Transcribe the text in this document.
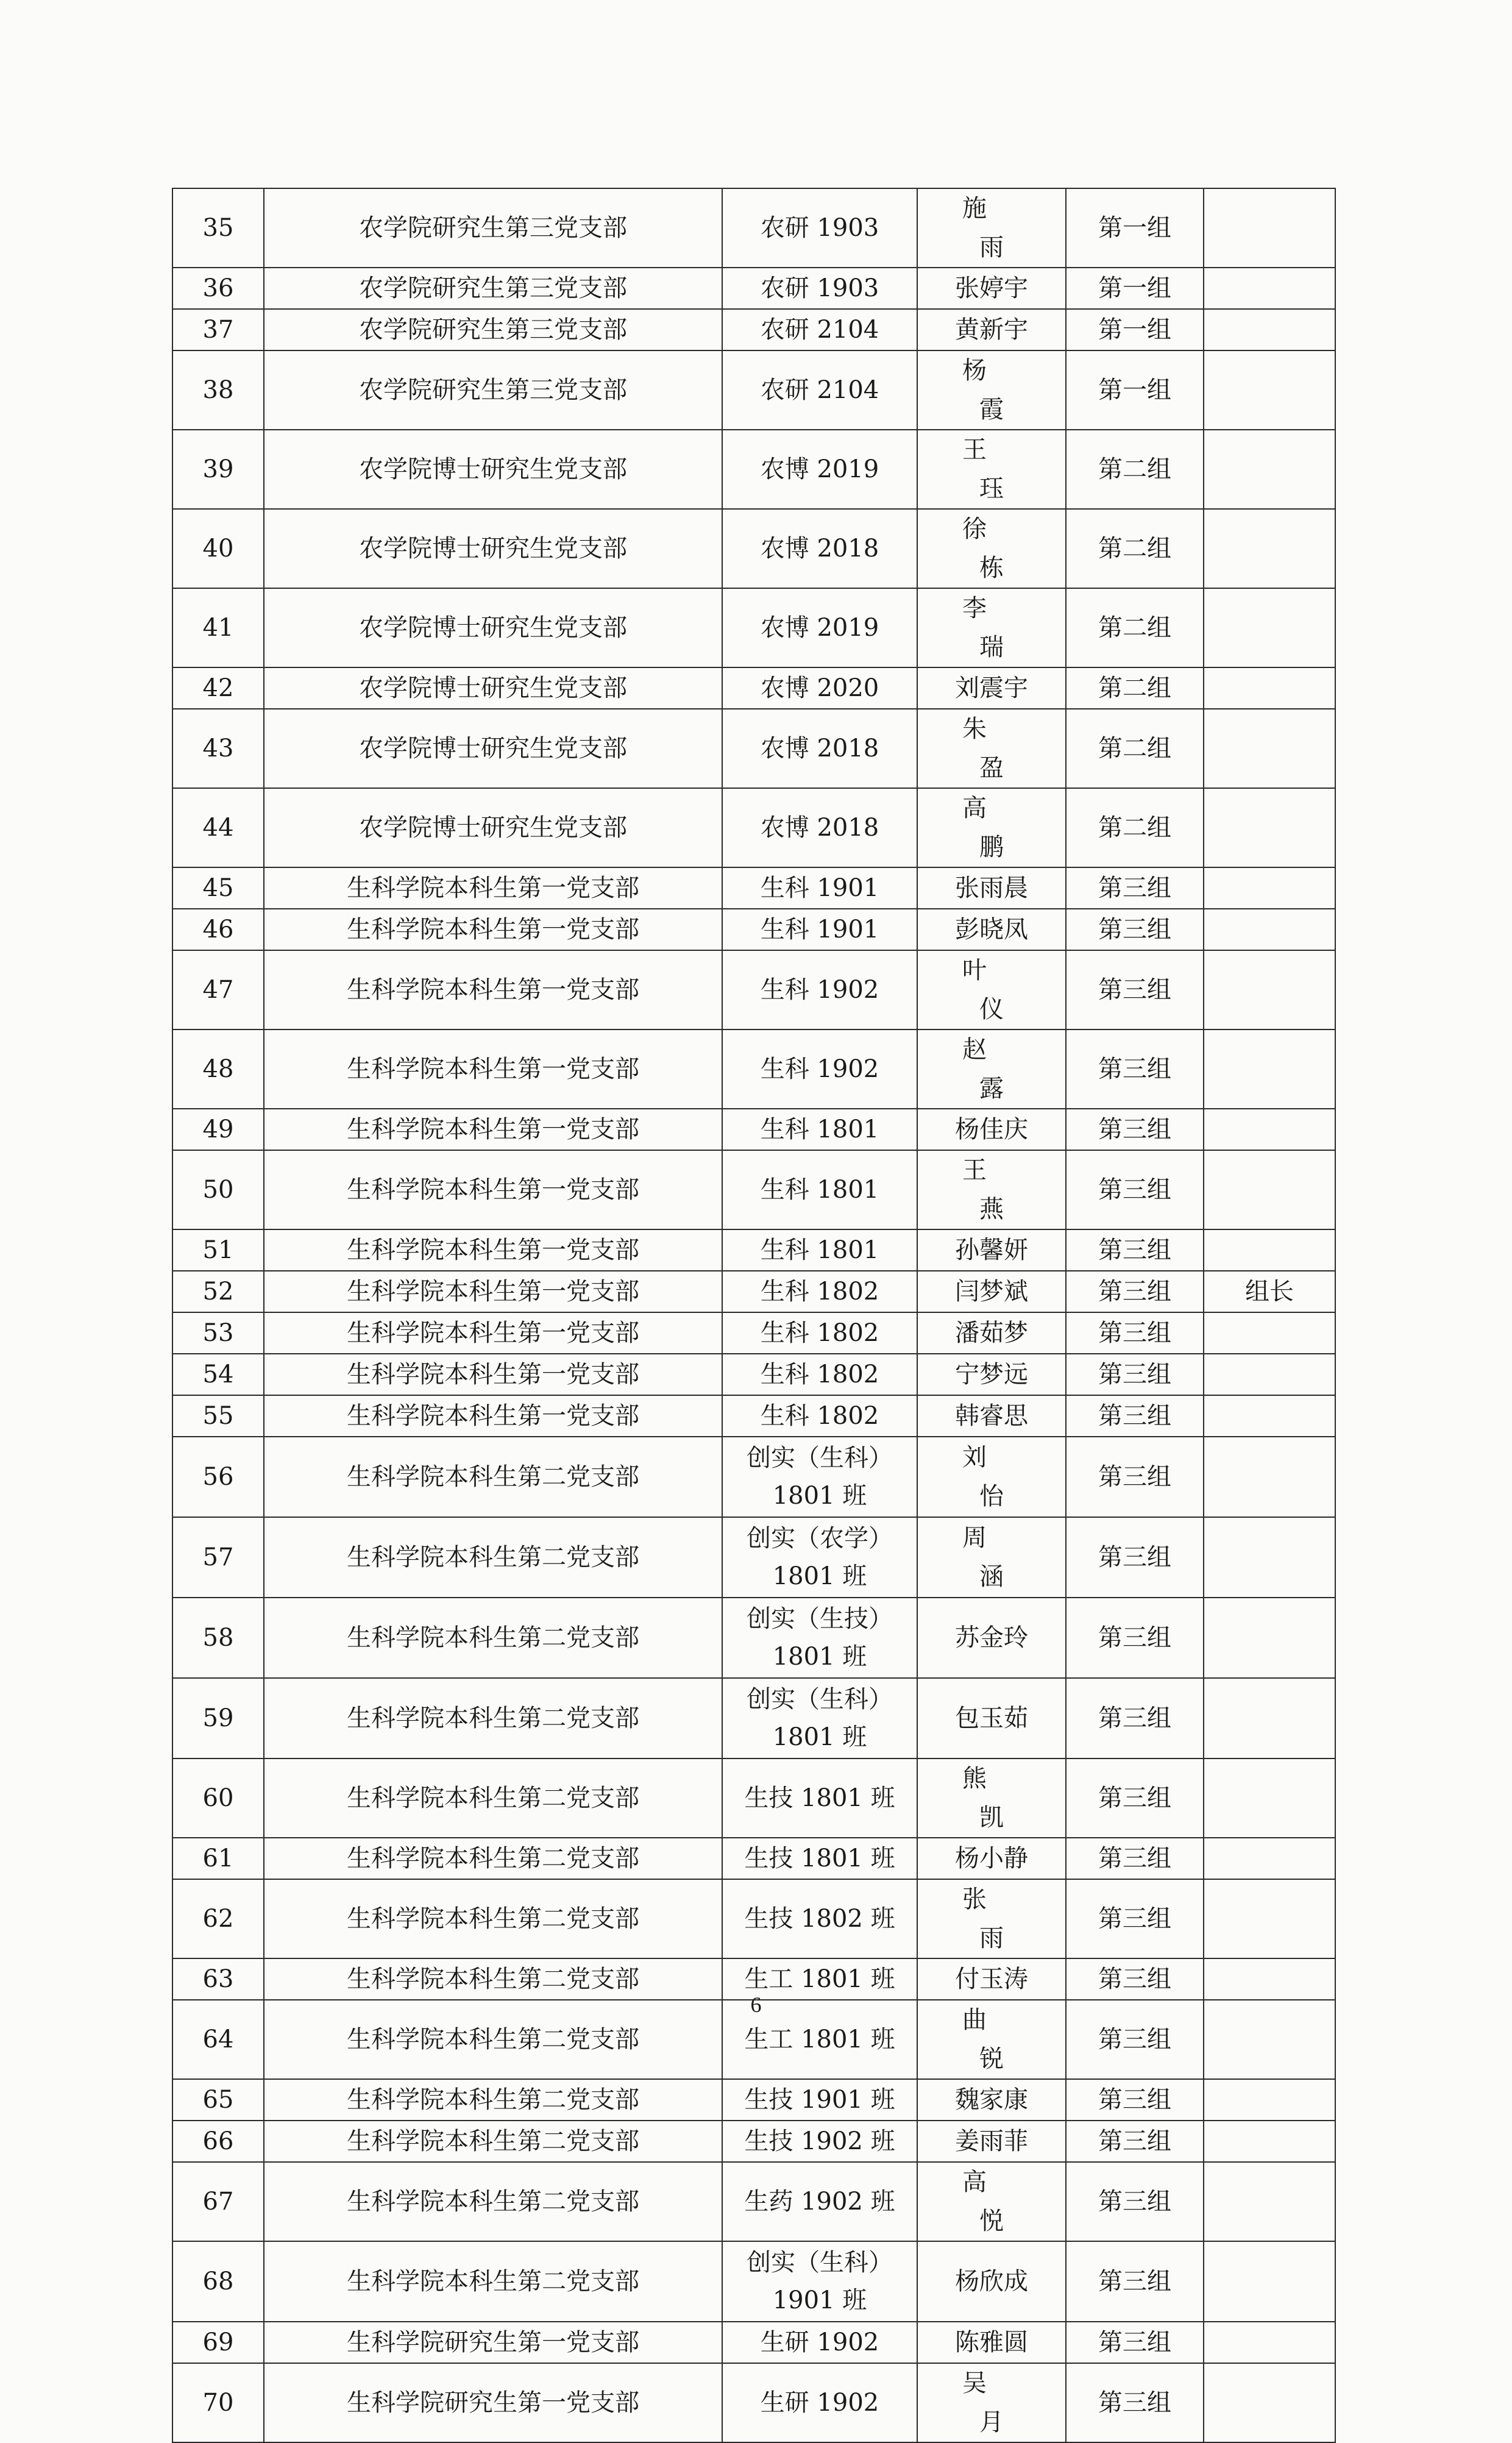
35	农学院研究生第三党支部	农研 1903	施 雨	第一组	
36	农学院研究生第三党支部	农研 1903	张婷宇	第一组	
37	农学院研究生第三党支部	农研 2104	黄新宇	第一组	
38	农学院研究生第三党支部	农研 2104	杨 霞	第一组	
39	农学院博士研究生党支部	农博 2019	王 珏	第二组	
40	农学院博士研究生党支部	农博 2018	徐 栋	第二组	
41	农学院博士研究生党支部	农博 2019	李 瑞	第二组	
42	农学院博士研究生党支部	农博 2020	刘震宇	第二组	
43	农学院博士研究生党支部	农博 2018	朱 盈	第二组	
44	农学院博士研究生党支部	农博 2018	高 鹏	第二组	
45	生科学院本科生第一党支部	生科 1901	张雨晨	第三组	
46	生科学院本科生第一党支部	生科 1901	彭晓凤	第三组	
47	生科学院本科生第一党支部	生科 1902	叶 仪	第三组	
48	生科学院本科生第一党支部	生科 1902	赵 露	第三组	
49	生科学院本科生第一党支部	生科 1801	杨佳庆	第三组	
50	生科学院本科生第一党支部	生科 1801	王 燕	第三组	
51	生科学院本科生第一党支部	生科 1801	孙馨妍	第三组	
52	生科学院本科生第一党支部	生科 1802	闫梦斌	第三组	组长
53	生科学院本科生第一党支部	生科 1802	潘茹梦	第三组	
54	生科学院本科生第一党支部	生科 1802	宁梦远	第三组	
55	生科学院本科生第一党支部	生科 1802	韩睿思	第三组	
56	生科学院本科生第二党支部	创实（生科）
1801 班	刘 怡	第三组	
57	生科学院本科生第二党支部	创实（农学）
1801 班	周 涵	第三组	
58	生科学院本科生第二党支部	创实（生技）
1801 班	苏金玲	第三组	
59	生科学院本科生第二党支部	创实（生科）
1801 班	包玉茹	第三组	
60	生科学院本科生第二党支部	生技 1801 班	熊 凯	第三组	
61	生科学院本科生第二党支部	生技 1801 班	杨小静	第三组	
62	生科学院本科生第二党支部	生技 1802 班	张 雨	第三组	
63	生科学院本科生第二党支部	生工 1801 班	付玉涛	第三组	
64	生科学院本科生第二党支部	生工 1801 班	曲 锐	第三组	
65	生科学院本科生第二党支部	生技 1901 班	魏家康	第三组	
66	生科学院本科生第二党支部	生技 1902 班	姜雨菲	第三组	
67	生科学院本科生第二党支部	生药 1902 班	高 悦	第三组	
68	生科学院本科生第二党支部	创实（生科）
1901 班	杨欣成	第三组	
69	生科学院研究生第一党支部	生研 1902	陈雅圆	第三组	
70	生科学院研究生第一党支部	生研 1902	吴 月	第三组	
6
